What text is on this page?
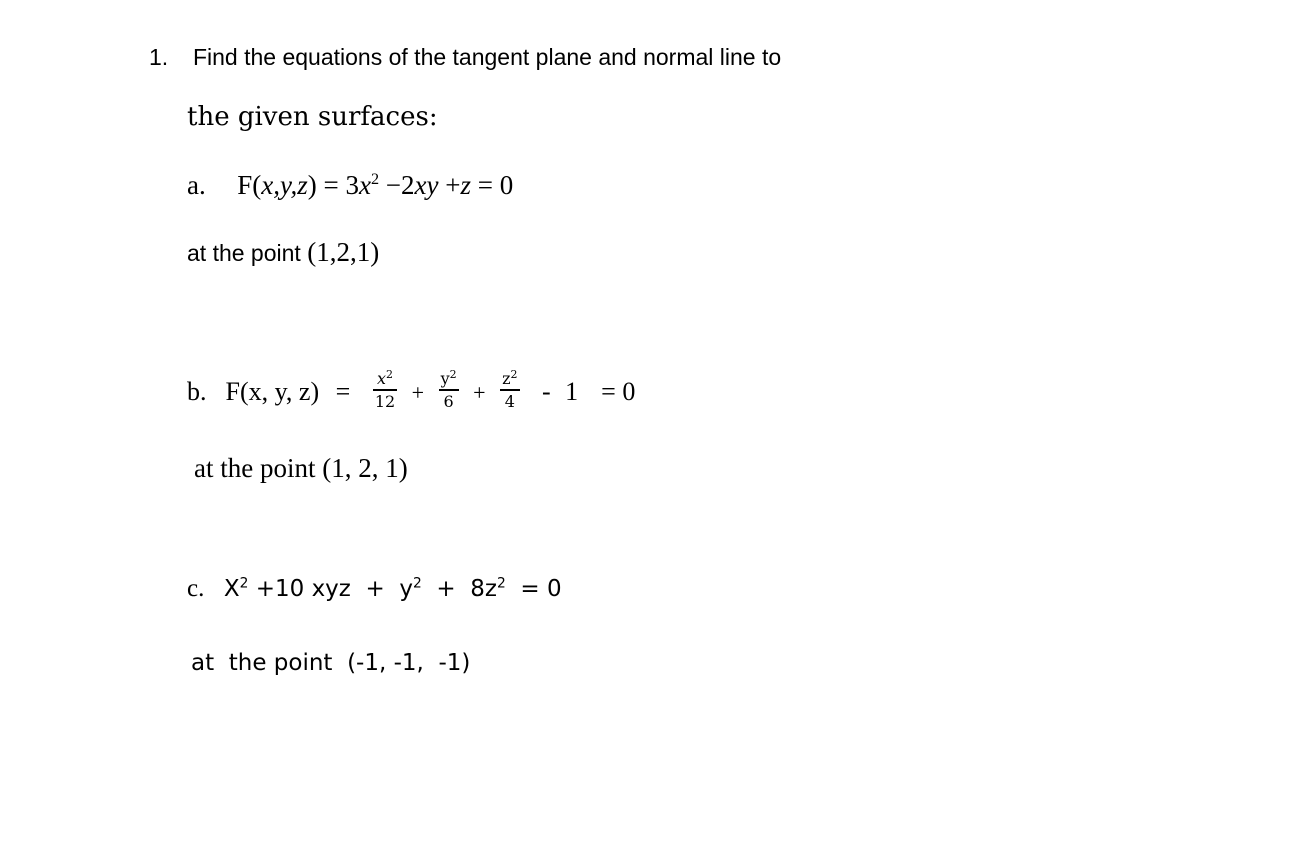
1. Find the equations of the tangent plane and normal line to
the given surfaces:
a. $F(x,y,z) = 3x^2 -2xy +z = 0$
at the point (1,2,1)
b. F(x, y, $z) = \frac{x^2}{12} + \frac{y^2}{6} + \frac{z^2}{4} - 1 = 0$
at the point (1, 2, 1)
c. $X^2 +10$ xyz  +  $y^2 + 8z^2 = 0$
at  the point  (-1, -1,  -1)
